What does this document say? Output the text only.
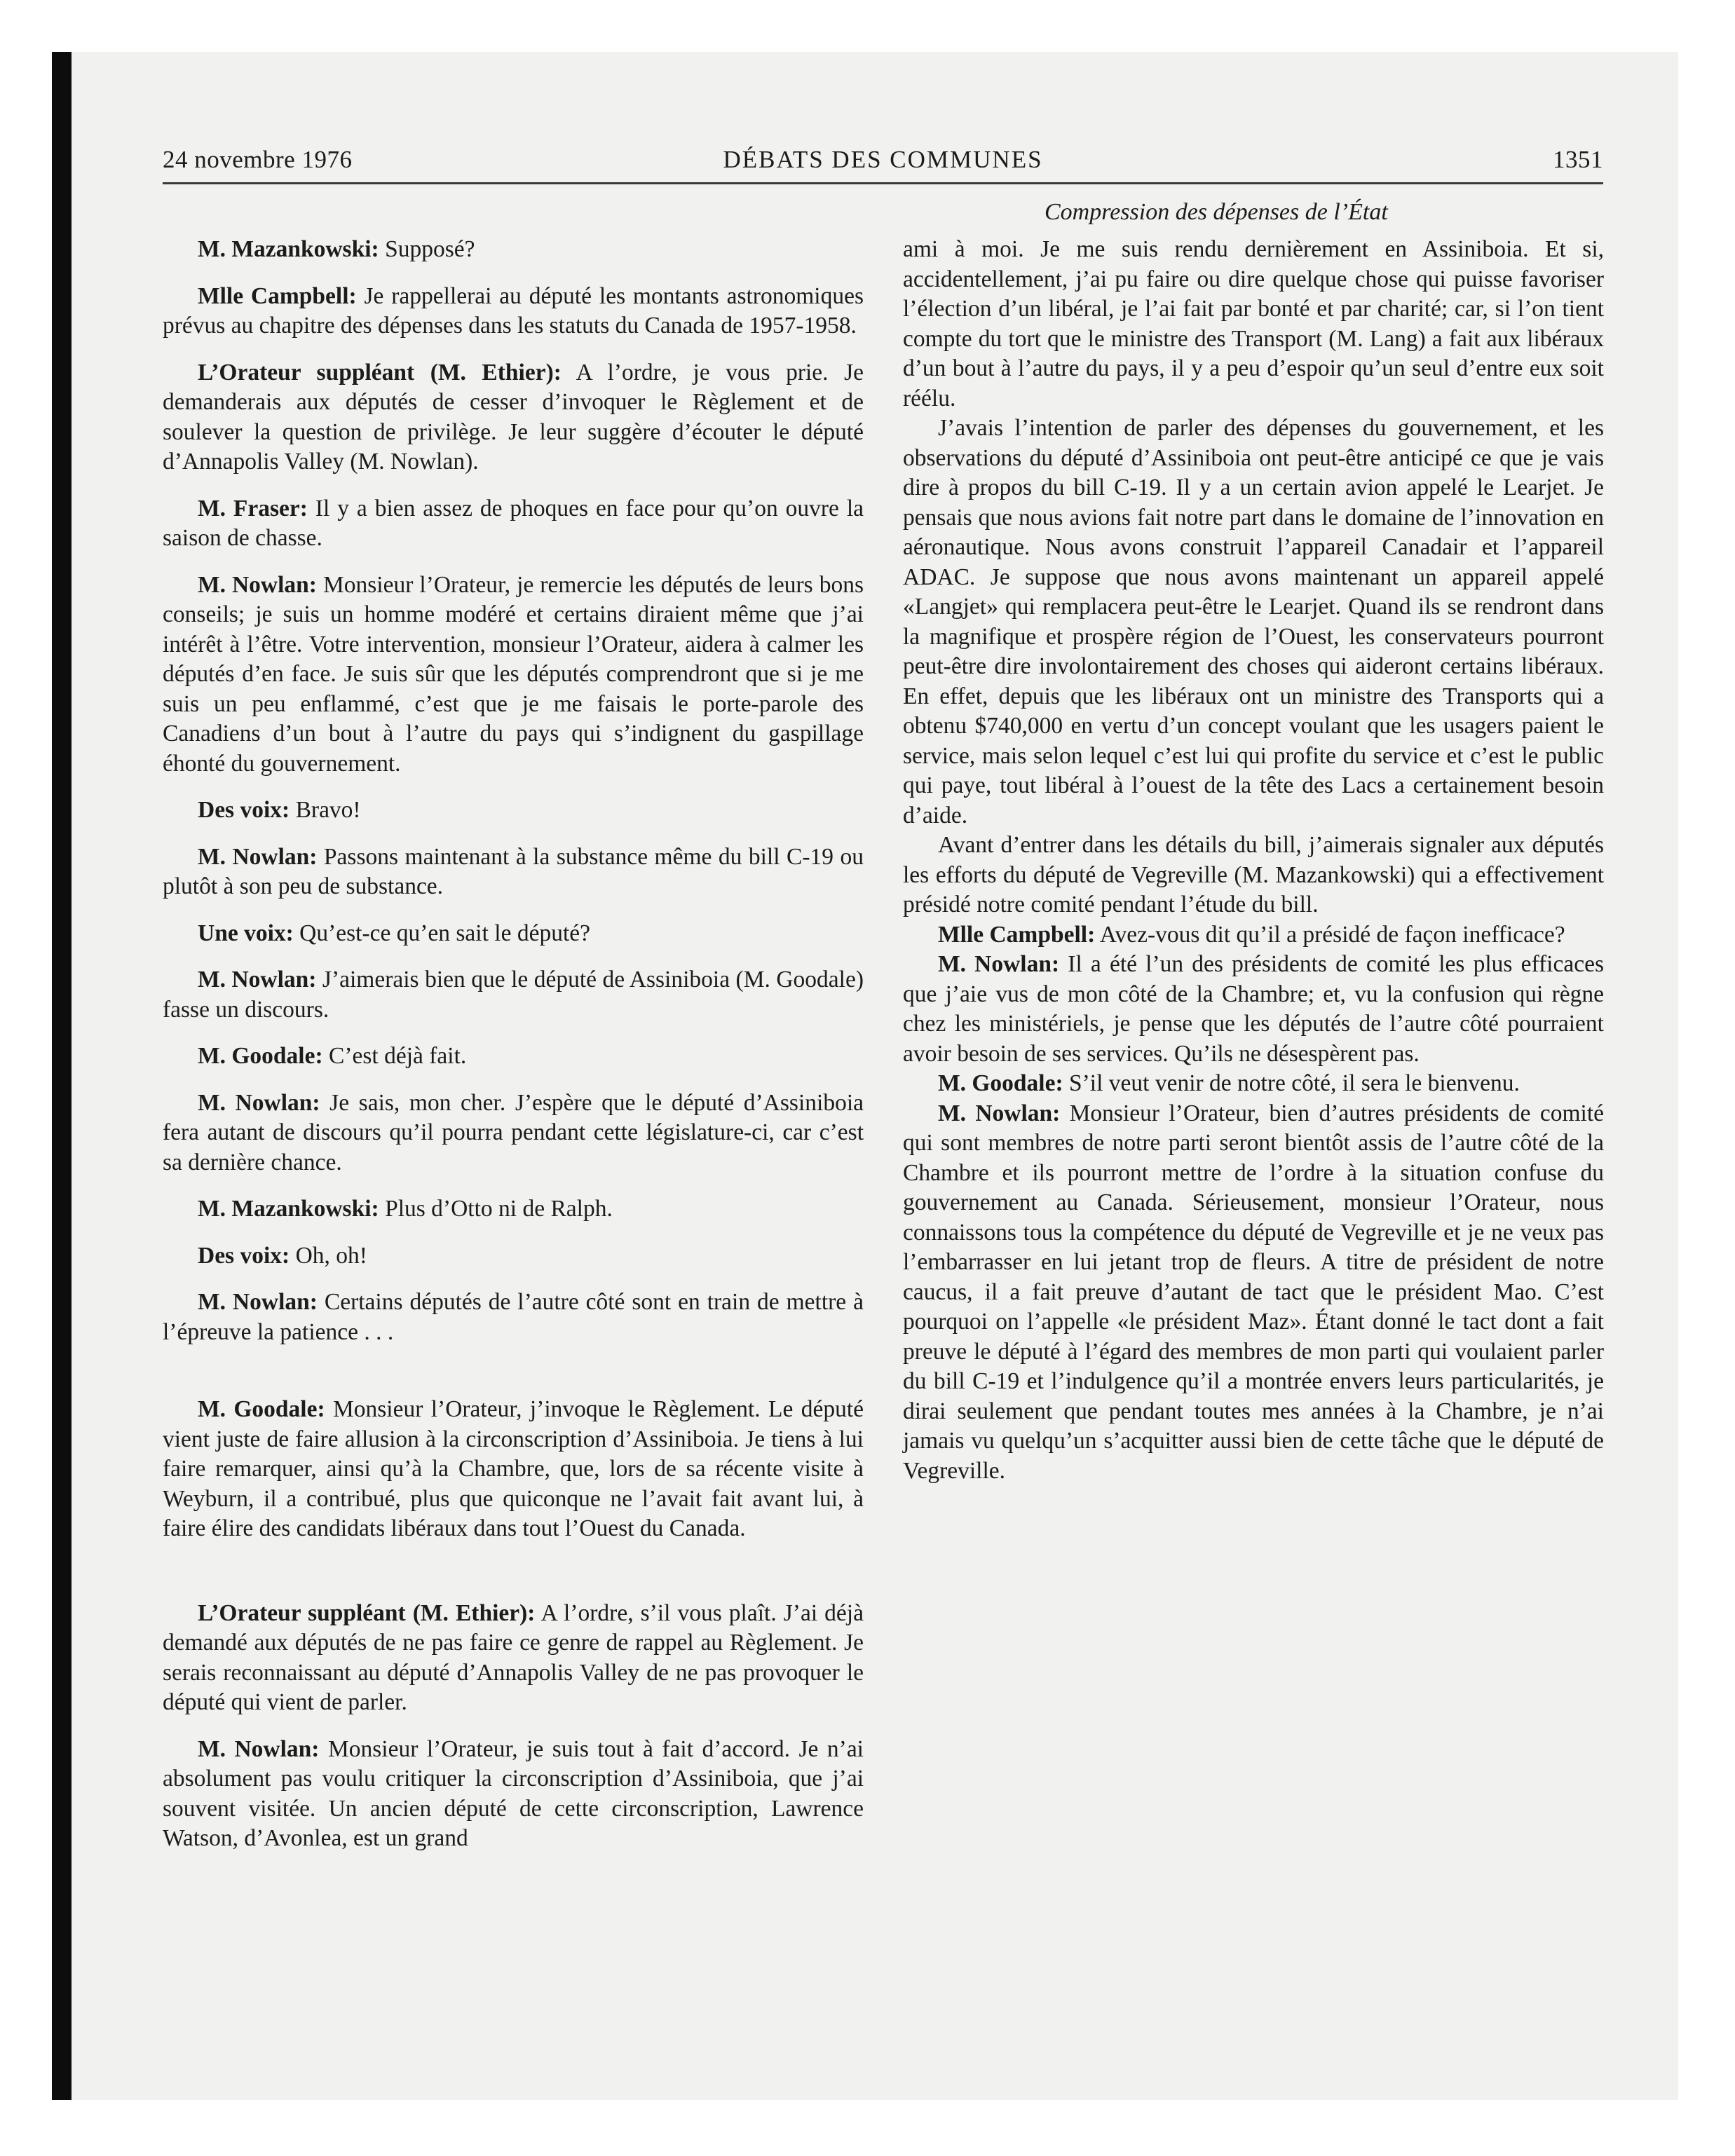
24 novembre 1976	DÉBATS DES COMMUNES	1351
Compression des dépenses de l’État

M. Mazankowski: Supposé?

Mlle Campbell: Je rappellerai au député les montants astronomiques prévus au chapitre des dépenses dans les statuts du Canada de 1957-1958.

L’Orateur suppléant (M. Ethier): A l’ordre, je vous prie. Je demanderais aux députés de cesser d’invoquer le Règlement et de soulever la question de privilège. Je leur suggère d’écouter le député d’Annapolis Valley (M. Nowlan).

M. Fraser: Il y a bien assez de phoques en face pour qu’on ouvre la saison de chasse.

M. Nowlan: Monsieur l’Orateur, je remercie les députés de leurs bons conseils; je suis un homme modéré et certains diraient même que j’ai intérêt à l’être. Votre intervention, monsieur l’Orateur, aidera à calmer les députés d’en face. Je suis sûr que les députés comprendront que si je me suis un peu enflammé, c’est que je me faisais le porte-parole des Canadiens d’un bout à l’autre du pays qui s’indignent du gaspillage éhonté du gouvernement.

Des voix: Bravo!

M. Nowlan: Passons maintenant à la substance même du bill C-19 ou plutôt à son peu de substance.

Une voix: Qu’est-ce qu’en sait le député?

M. Nowlan: J’aimerais bien que le député de Assiniboia (M. Goodale) fasse un discours.

M. Goodale: C’est déjà fait.

M. Nowlan: Je sais, mon cher. J’espère que le député d’Assiniboia fera autant de discours qu’il pourra pendant cette législature-ci, car c’est sa dernière chance.

M. Mazankowski: Plus d’Otto ni de Ralph.

Des voix: Oh, oh!

M. Nowlan: Certains députés de l’autre côté sont en train de mettre à l’épreuve la patience . . .

M. Goodale: Monsieur l’Orateur, j’invoque le Règlement. Le député vient juste de faire allusion à la circonscription d’Assiniboia. Je tiens à lui faire remarquer, ainsi qu’à la Chambre, que, lors de sa récente visite à Weyburn, il a contribué, plus que quiconque ne l’avait fait avant lui, à faire élire des candidats libéraux dans tout l’Ouest du Canada.

L’Orateur suppléant (M. Ethier): A l’ordre, s’il vous plaît. J’ai déjà demandé aux députés de ne pas faire ce genre de rappel au Règlement. Je serais reconnaissant au député d’Annapolis Valley de ne pas provoquer le député qui vient de parler.

M. Nowlan: Monsieur l’Orateur, je suis tout à fait d’accord. Je n’ai absolument pas voulu critiquer la circonscription d’Assiniboia, que j’ai souvent visitée. Un ancien député de cette circonscription, Lawrence Watson, d’Avonlea, est un grand

ami à moi. Je me suis rendu dernièrement en Assiniboia. Et si, accidentellement, j’ai pu faire ou dire quelque chose qui puisse favoriser l’élection d’un libéral, je l’ai fait par bonté et par charité; car, si l’on tient compte du tort que le ministre des Transport (M. Lang) a fait aux libéraux d’un bout à l’autre du pays, il y a peu d’espoir qu’un seul d’entre eux soit réélu.

J’avais l’intention de parler des dépenses du gouvernement, et les observations du député d’Assiniboia ont peut-être anticipé ce que je vais dire à propos du bill C-19. Il y a un certain avion appelé le Learjet. Je pensais que nous avions fait notre part dans le domaine de l’innovation en aéronautique. Nous avons construit l’appareil Canadair et l’appareil ADAC. Je suppose que nous avons maintenant un appareil appelé «Langjet» qui remplacera peut-être le Learjet. Quand ils se rendront dans la magnifique et prospère région de l’Ouest, les conservateurs pourront peut-être dire involontairement des choses qui aideront certains libéraux. En effet, depuis que les libéraux ont un ministre des Transports qui a obtenu $740,000 en vertu d’un concept voulant que les usagers paient le service, mais selon lequel c’est lui qui profite du service et c’est le public qui paye, tout libéral à l’ouest de la tête des Lacs a certainement besoin d’aide.

Avant d’entrer dans les détails du bill, j’aimerais signaler aux députés les efforts du député de Vegreville (M. Mazankowski) qui a effectivement présidé notre comité pendant l’étude du bill.

Mlle Campbell: Avez-vous dit qu’il a présidé de façon inefficace?

M. Nowlan: Il a été l’un des présidents de comité les plus efficaces que j’aie vus de mon côté de la Chambre; et, vu la confusion qui règne chez les ministériels, je pense que les députés de l’autre côté pourraient avoir besoin de ses services. Qu’ils ne désespèrent pas.

M. Goodale: S’il veut venir de notre côté, il sera le bienvenu.

M. Nowlan: Monsieur l’Orateur, bien d’autres présidents de comité qui sont membres de notre parti seront bientôt assis de l’autre côté de la Chambre et ils pourront mettre de l’ordre à la situation confuse du gouvernement au Canada. Sérieusement, monsieur l’Orateur, nous connaissons tous la compétence du député de Vegreville et je ne veux pas l’embarrasser en lui jetant trop de fleurs. A titre de président de notre caucus, il a fait preuve d’autant de tact que le président Mao. C’est pourquoi on l’appelle «le président Maz». Étant donné le tact dont a fait preuve le député à l’égard des membres de mon parti qui voulaient parler du bill C-19 et l’indulgence qu’il a montrée envers leurs particularités, je dirai seulement que pendant toutes mes années à la Chambre, je n’ai jamais vu quelqu’un s’acquitter aussi bien de cette tâche que le député de Vegreville.
